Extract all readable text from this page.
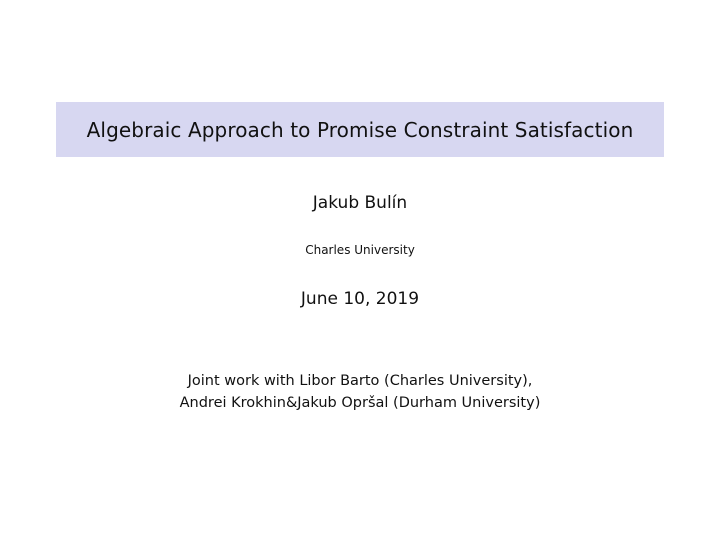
Algebraic Approach to Promise Constraint Satisfaction
Jakub Bulín
Charles University
June 10, 2019
Joint work with Libor Barto (Charles University),
Andrei Krokhin&Jakub Opršal (Durham University)
